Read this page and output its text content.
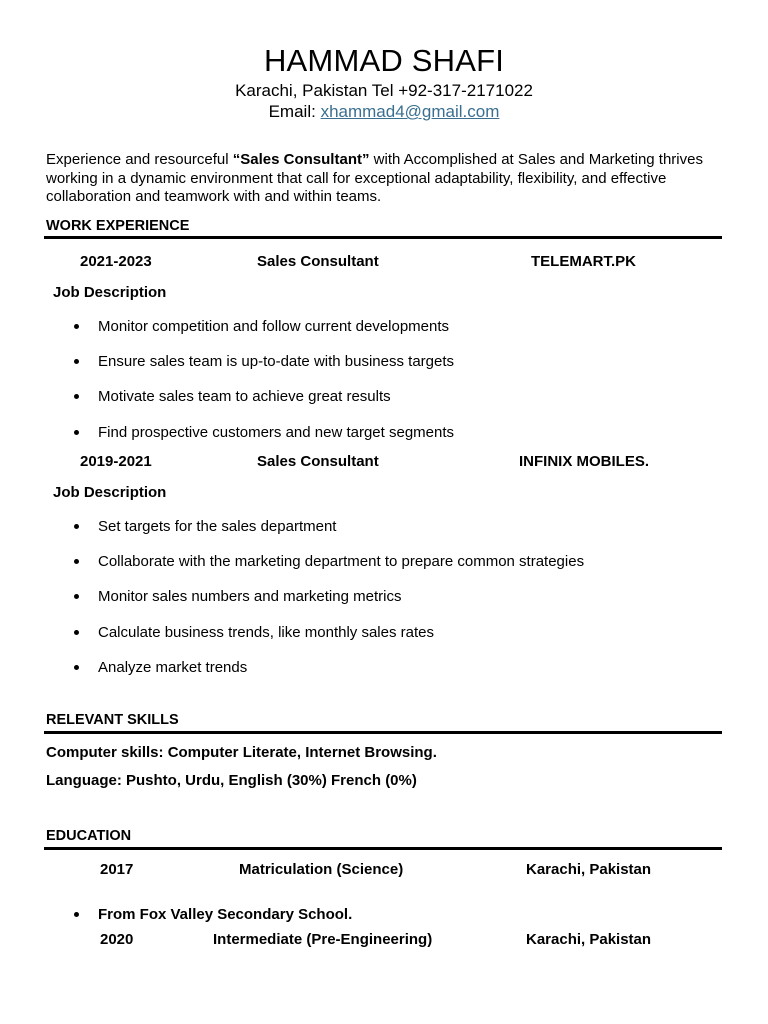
HAMMAD SHAFI
Karachi, Pakistan Tel +92-317-2171022
Email: xhammad4@gmail.com
Experience and resourceful “Sales Consultant” with Accomplished at Sales and Marketing thrives working in a dynamic environment that call for exceptional adaptability, flexibility, and effective collaboration and teamwork with and within teams.
WORK EXPERIENCE
2021-2023	Sales Consultant	TELEMART.PK
Job Description
Monitor competition and follow current developments
Ensure sales team is up-to-date with business targets
Motivate sales team to achieve great results
Find prospective customers and new target segments
2019-2021	Sales Consultant	INFINIX MOBILES.
Job Description
Set targets for the sales department
Collaborate with the marketing department to prepare common strategies
Monitor sales numbers and marketing metrics
Calculate business trends, like monthly sales rates
Analyze market trends
RELEVANT SKILLS
Computer skills: Computer Literate, Internet Browsing.
Language: Pushto, Urdu, English (30%) French (0%)
EDUCATION
2017	Matriculation (Science)	Karachi, Pakistan
From Fox Valley Secondary School.
2020	Intermediate (Pre-Engineering)	Karachi, Pakistan
